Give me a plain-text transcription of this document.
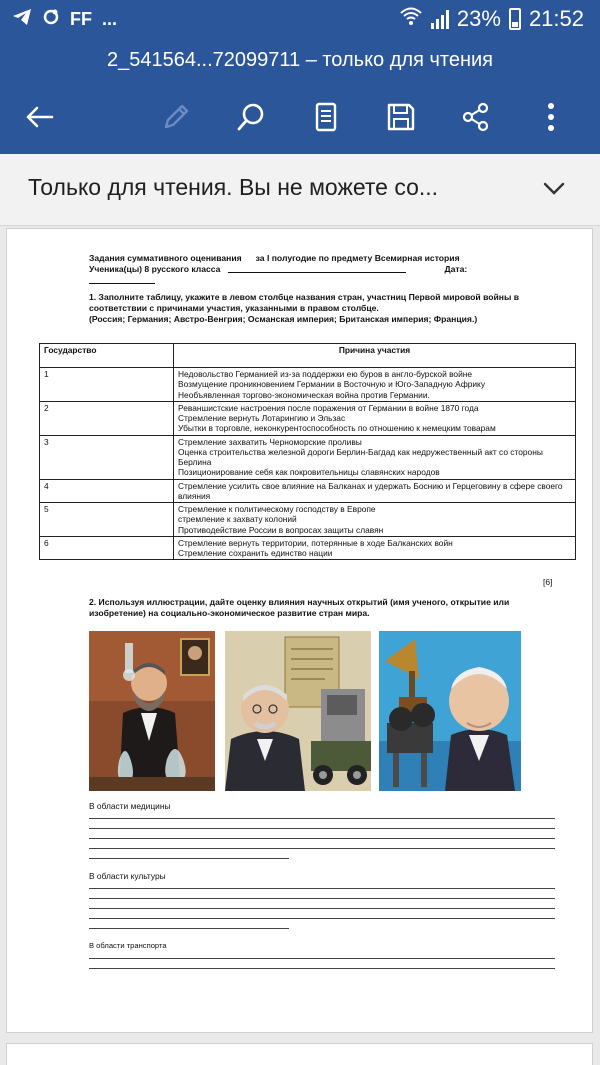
FF ...	23% 21:52
2_541564...72099711 – только для чтения
Только для чтения. Вы не можете со...
Задания суммативного оценивания за I полугодие по предмету Всемирная история
Ученика(цы) 8 русского класса	Дата:
1. Заполните таблицу, укажите в левом столбце названия стран, участниц Первой мировой войны в соответствии с причинами участия, указанными в правом столбце.
(Россия; Германия; Австро-Венгрия; Османская империя; Британская империя; Франция.)
Государство	Причина участия
1	Недовольство Германией из-за поддержки ею буров в англо-бурской войне
Возмущение проникновением Германии в Восточную и Юго-Западную Африку
Необъявленная торгово-экономическая война против Германии.

2	Реваншистские настроения после поражения от Германии в войне 1870 года
Стремление вернуть Лотарингию и Эльзас
Убытки в торговле, неконкурентоспособность по отношению к немецким товарам

3	Стремление захватить Черноморские проливы
Оценка строительства железной дороги Берлин-Багдад как недружественный акт со стороны Берлина
Позиционирование себя как покровительницы славянских народов

4	Стремление усилить свое влияние на Балканах и удержать Боснию и Герцеговину в сфере своего влияния

5	Стремление к политическому господству в Европе
стремление к захвату колоний
Противодействие России в вопросах защиты славян

6	Стремление вернуть территории, потерянные в ходе Балканских войн
Стремление сохранить единство нации
[6]
2. Используя иллюстрации, дайте оценку влияния научных открытий (имя ученого, открытие или изобретение) на социально-экономическое развитие стран мира.
В области медицины
В области культуры
В области транспорта
